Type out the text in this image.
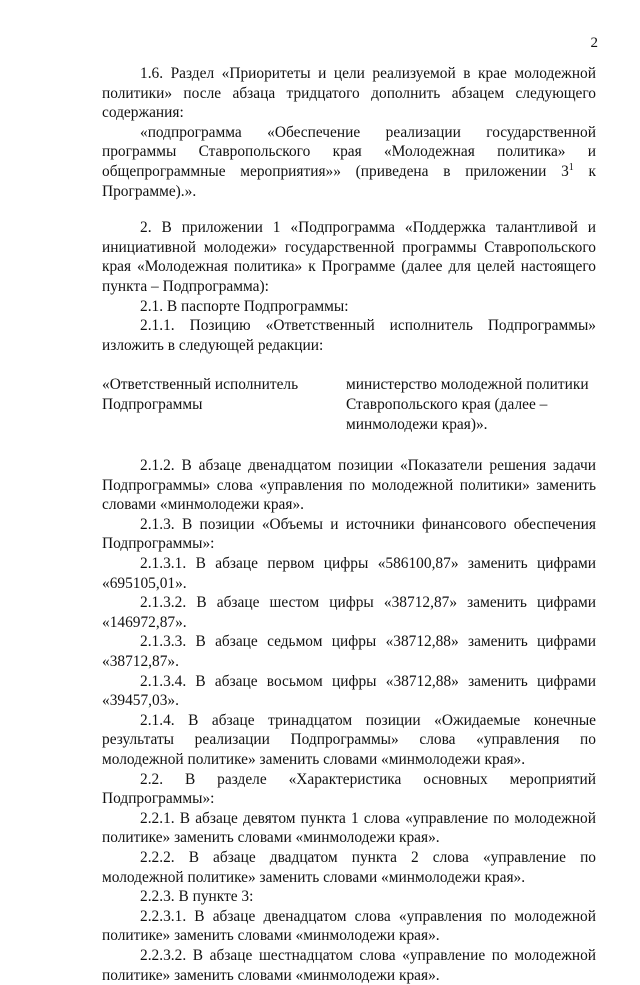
2

1.6. Раздел «Приоритеты и цели реализуемой в крае молодежной политики» после абзаца тридцатого дополнить абзацем следующего содержания:

«подпрограмма «Обеспечение реализации государственной программы Ставропольского края «Молодежная политика» и общепрограммные мероприятия»» (приведена в приложении $3^1$ к Программе).».

2. В приложении 1 «Подпрограмма «Поддержка талантливой и инициативной молодежи» государственной программы Ставропольского края «Молодежная политика» к Программе (далее для целей настоящего пункта – Подпрограмма):

2.1. В паспорте Подпрограммы:

2.1.1. Позицию «Ответственный исполнитель Подпрограммы» изложить в следующей редакции:

«Ответственный исполнитель Подпрограммы
министерство молодежной политики Ставропольского края (далее – минмолодежи края)».

2.1.2. В абзаце двенадцатом позиции «Показатели решения задачи Подпрограммы» слова «управления по молодежной политики» заменить словами «минмолодежи края».

2.1.3. В позиции «Объемы и источники финансового обеспечения Подпрограммы»:

2.1.3.1. В абзаце первом цифры «586100,87» заменить цифрами «695105,01».

2.1.3.2. В абзаце шестом цифры «38712,87» заменить цифрами «146972,87».

2.1.3.3. В абзаце седьмом цифры «38712,88» заменить цифрами «38712,87».

2.1.3.4. В абзаце восьмом цифры «38712,88» заменить цифрами «39457,03».

2.1.4. В абзаце тринадцатом позиции «Ожидаемые конечные результаты реализации Подпрограммы» слова «управления по молодежной политике» заменить словами «минмолодежи края».

2.2. В разделе «Характеристика основных мероприятий Подпрограммы»:

2.2.1. В абзаце девятом пункта 1 слова «управление по молодежной политике» заменить словами «минмолодежи края».

2.2.2. В абзаце двадцатом пункта 2 слова «управление по молодежной политике» заменить словами «минмолодежи края».

2.2.3. В пункте 3:

2.2.3.1. В абзаце двенадцатом слова «управления по молодежной политике» заменить словами «минмолодежи края».

2.2.3.2. В абзаце шестнадцатом слова «управление по молодежной политике» заменить словами «минмолодежи края».
